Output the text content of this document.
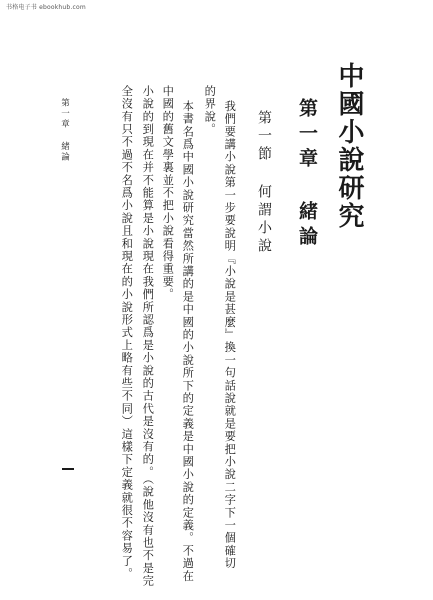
书格电子书 ebookhub.com
中國小說研究
第一章 緒論
第一節 何謂小說
我們要講小說第一步要說明『小說是甚麼』換一句話說就是要把小說二字下一個確切
的界說。
本書名爲中國小說研究當然所講的是中國的小說所下的定義是中國小說的定義。不過在
中國的舊文學裏並不把小說看得重要。
小說的到現在并不能算是小說現在我們所認爲是小說的古代是沒有的。（說他沒有也不是完
全沒有只不過不名爲小說且和現在的小說形式上略有些不同）這樣下定義就很不容易了。
第一章 緒論
